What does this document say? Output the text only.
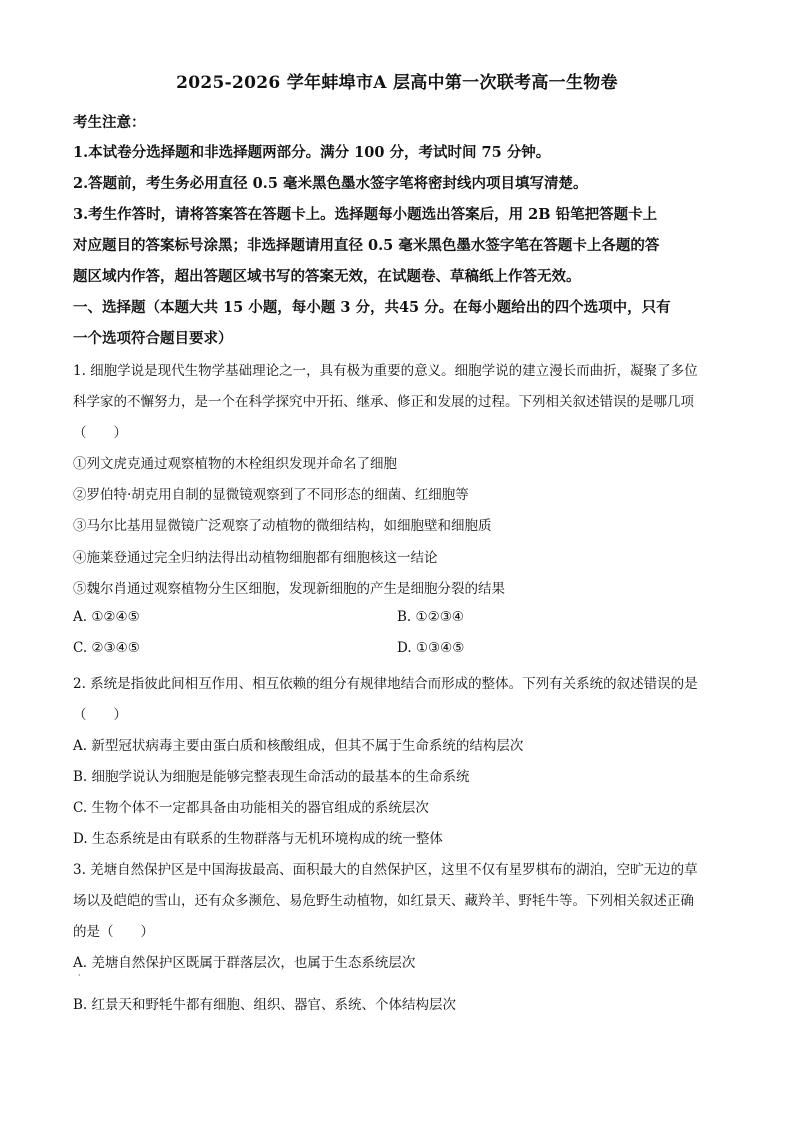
2025-2026 学年蚌埠市A 层高中第一次联考高一生物卷
考生注意：
1.本试卷分选择题和非选择题两部分。满分 100 分，考试时间 75 分钟。
2.答题前，考生务必用直径 0.5 毫米黑色墨水签字笔将密封线内项目填写清楚。
3.考生作答时，请将答案答在答题卡上。选择题每小题选出答案后，用 2B 铅笔把答题卡上
对应题目的答案标号涂黑；非选择题请用直径 0.5 毫米黑色墨水签字笔在答题卡上各题的答
题区域内作答，超出答题区域书写的答案无效，在试题卷、草稿纸上作答无效。
一、选择题（本题大共 15 小题，每小题 3 分，共45 分。在每小题给出的四个选项中，只有
一个选项符合题目要求）
1. 细胞学说是现代生物学基础理论之一，具有极为重要的意义。细胞学说的建立漫长而曲折，凝聚了多位
科学家的不懈努力，是一个在科学探究中开拓、继承、修正和发展的过程。下列相关叙述错误的是哪几项
（　　）
①列文虎克通过观察植物的木栓组织发现并命名了细胞
②罗伯特·胡克用自制的显微镜观察到了不同形态的细菌、红细胞等
③马尔比基用显微镜广泛观察了动植物的微细结构，如细胞壁和细胞质
④施莱登通过完全归纳法得出动植物细胞都有细胞核这一结论
⑤魏尔肖通过观察植物分生区细胞，发现新细胞的产生是细胞分裂的结果
A. ①②④⑤	B. ①②③④
C. ②③④⑤	D. ①③④⑤
2. 系统是指彼此间相互作用、相互依赖的组分有规律地结合而形成的整体。下列有关系统的叙述错误的是
（　　）
A. 新型冠状病毒主要由蛋白质和核酸组成，但其不属于生命系统的结构层次
B. 细胞学说认为细胞是能够完整表现生命活动的最基本的生命系统
C. 生物个体不一定都具备由功能相关的器官组成的系统层次
D. 生态系统是由有联系的生物群落与无机环境构成的统一整体
3. 羌塘自然保护区是中国海拔最高、面积最大的自然保护区，这里不仅有星罗棋布的湖泊，空旷无边的草
场以及皑皑的雪山，还有众多濒危、易危野生动植物，如红景天、藏羚羊、野牦牛等。下列相关叙述正确
的是（　　）
A. 羌塘自然保护区既属于群落层次，也属于生态系统层次
·
B. 红景天和野牦牛都有细胞、组织、器官、系统、个体结构层次
